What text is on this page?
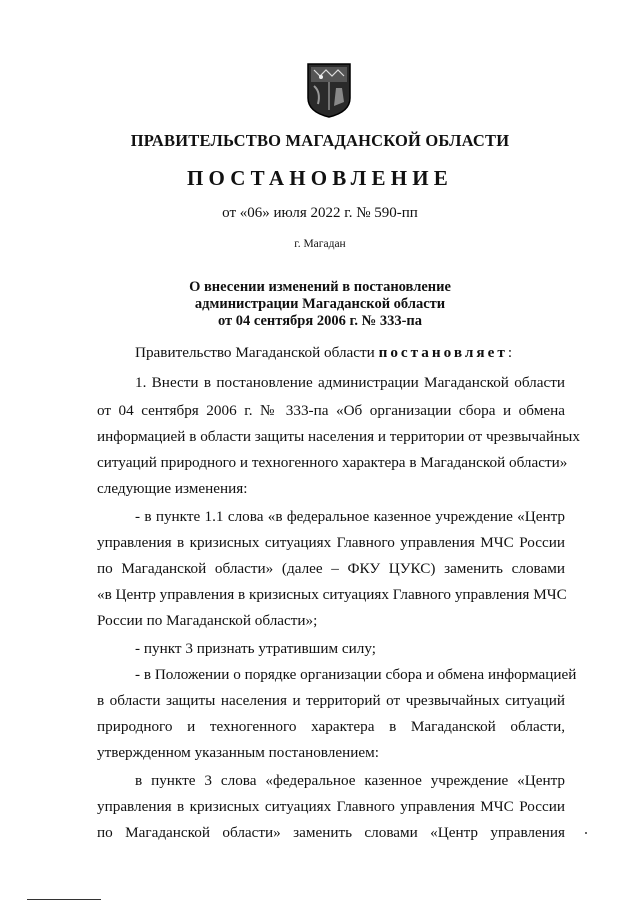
ПРАВИТЕЛЬСТВО МАГАДАНСКОЙ ОБЛАСТИ
ПОСТАНОВЛЕНИЕ
от «06» июля 2022 г. № 590-пп
г. Магадан
О внесении изменений в постановление
администрации Магаданской области
от 04 сентября 2006 г. № 333-па
Правительство Магаданской области постановляет:
1. Внести в постановление администрации Магаданской области
от 04 сентября 2006 г. № 333-па «Об организации сбора и обмена
информацией в области защиты населения и территории от чрезвычайных
ситуаций природного и техногенного характера в Магаданской области»
следующие изменения:
- в пункте 1.1 слова «в федеральное казенное учреждение «Центр
управления в кризисных ситуациях Главного управления МЧС России
по Магаданской области» (далее – ФКУ ЦУКС) заменить словами
«в Центр управления в кризисных ситуациях Главного управления МЧС
России по Магаданской области»;
- пункт 3 признать утратившим силу;
- в Положении о порядке организации сбора и обмена информацией
в области защиты населения и территорий от чрезвычайных ситуаций
природного и техногенного характера в Магаданской области,
утвержденном указанным постановлением:
в пункте 3 слова «федеральное казенное учреждение «Центр
управления в кризисных ситуациях Главного управления МЧС России
по Магаданской области» заменить словами «Центр управления
